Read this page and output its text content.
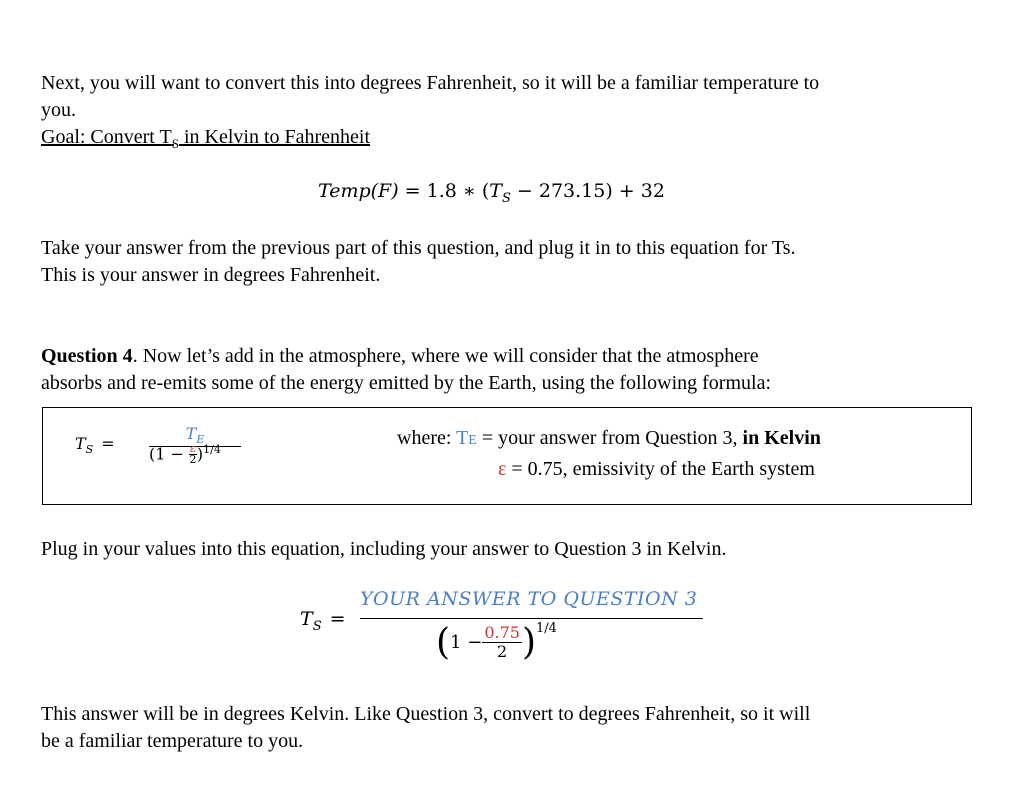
Next, you will want to convert this into degrees Fahrenheit, so it will be a familiar temperature to

you.

Goal: Convert $T_S$ in Kelvin to Fahrenheit

Temp(F) = 1.8 ∗ $(T_S - 273.15) + 32$

Take your answer from the previous part of this question, and plug it in to this equation for Ts.

This is your answer in degrees Fahrenheit.

Question 4. Now let’s add in the atmosphere, where we will consider that the atmosphere

absorbs and re-emits some of the energy emitted by the Earth, using the following formula:

$T_S$ =
$T_E$
$(1 - \frac{\varepsilon}{2} )^{1/4}$
where: TE = your answer from Question 3, in Kelvin
ε = 0.75, emissivity of the Earth system

Plug in your values into this equation, including your answer to Question 3 in Kelvin.

$T_S$ =
YOUR ANSWER TO QUESTION 3
( $1 - \frac{0.75}{2} )^{1/4}$

This answer will be in degrees Kelvin. Like Question 3, convert to degrees Fahrenheit, so it will

be a familiar temperature to you.
